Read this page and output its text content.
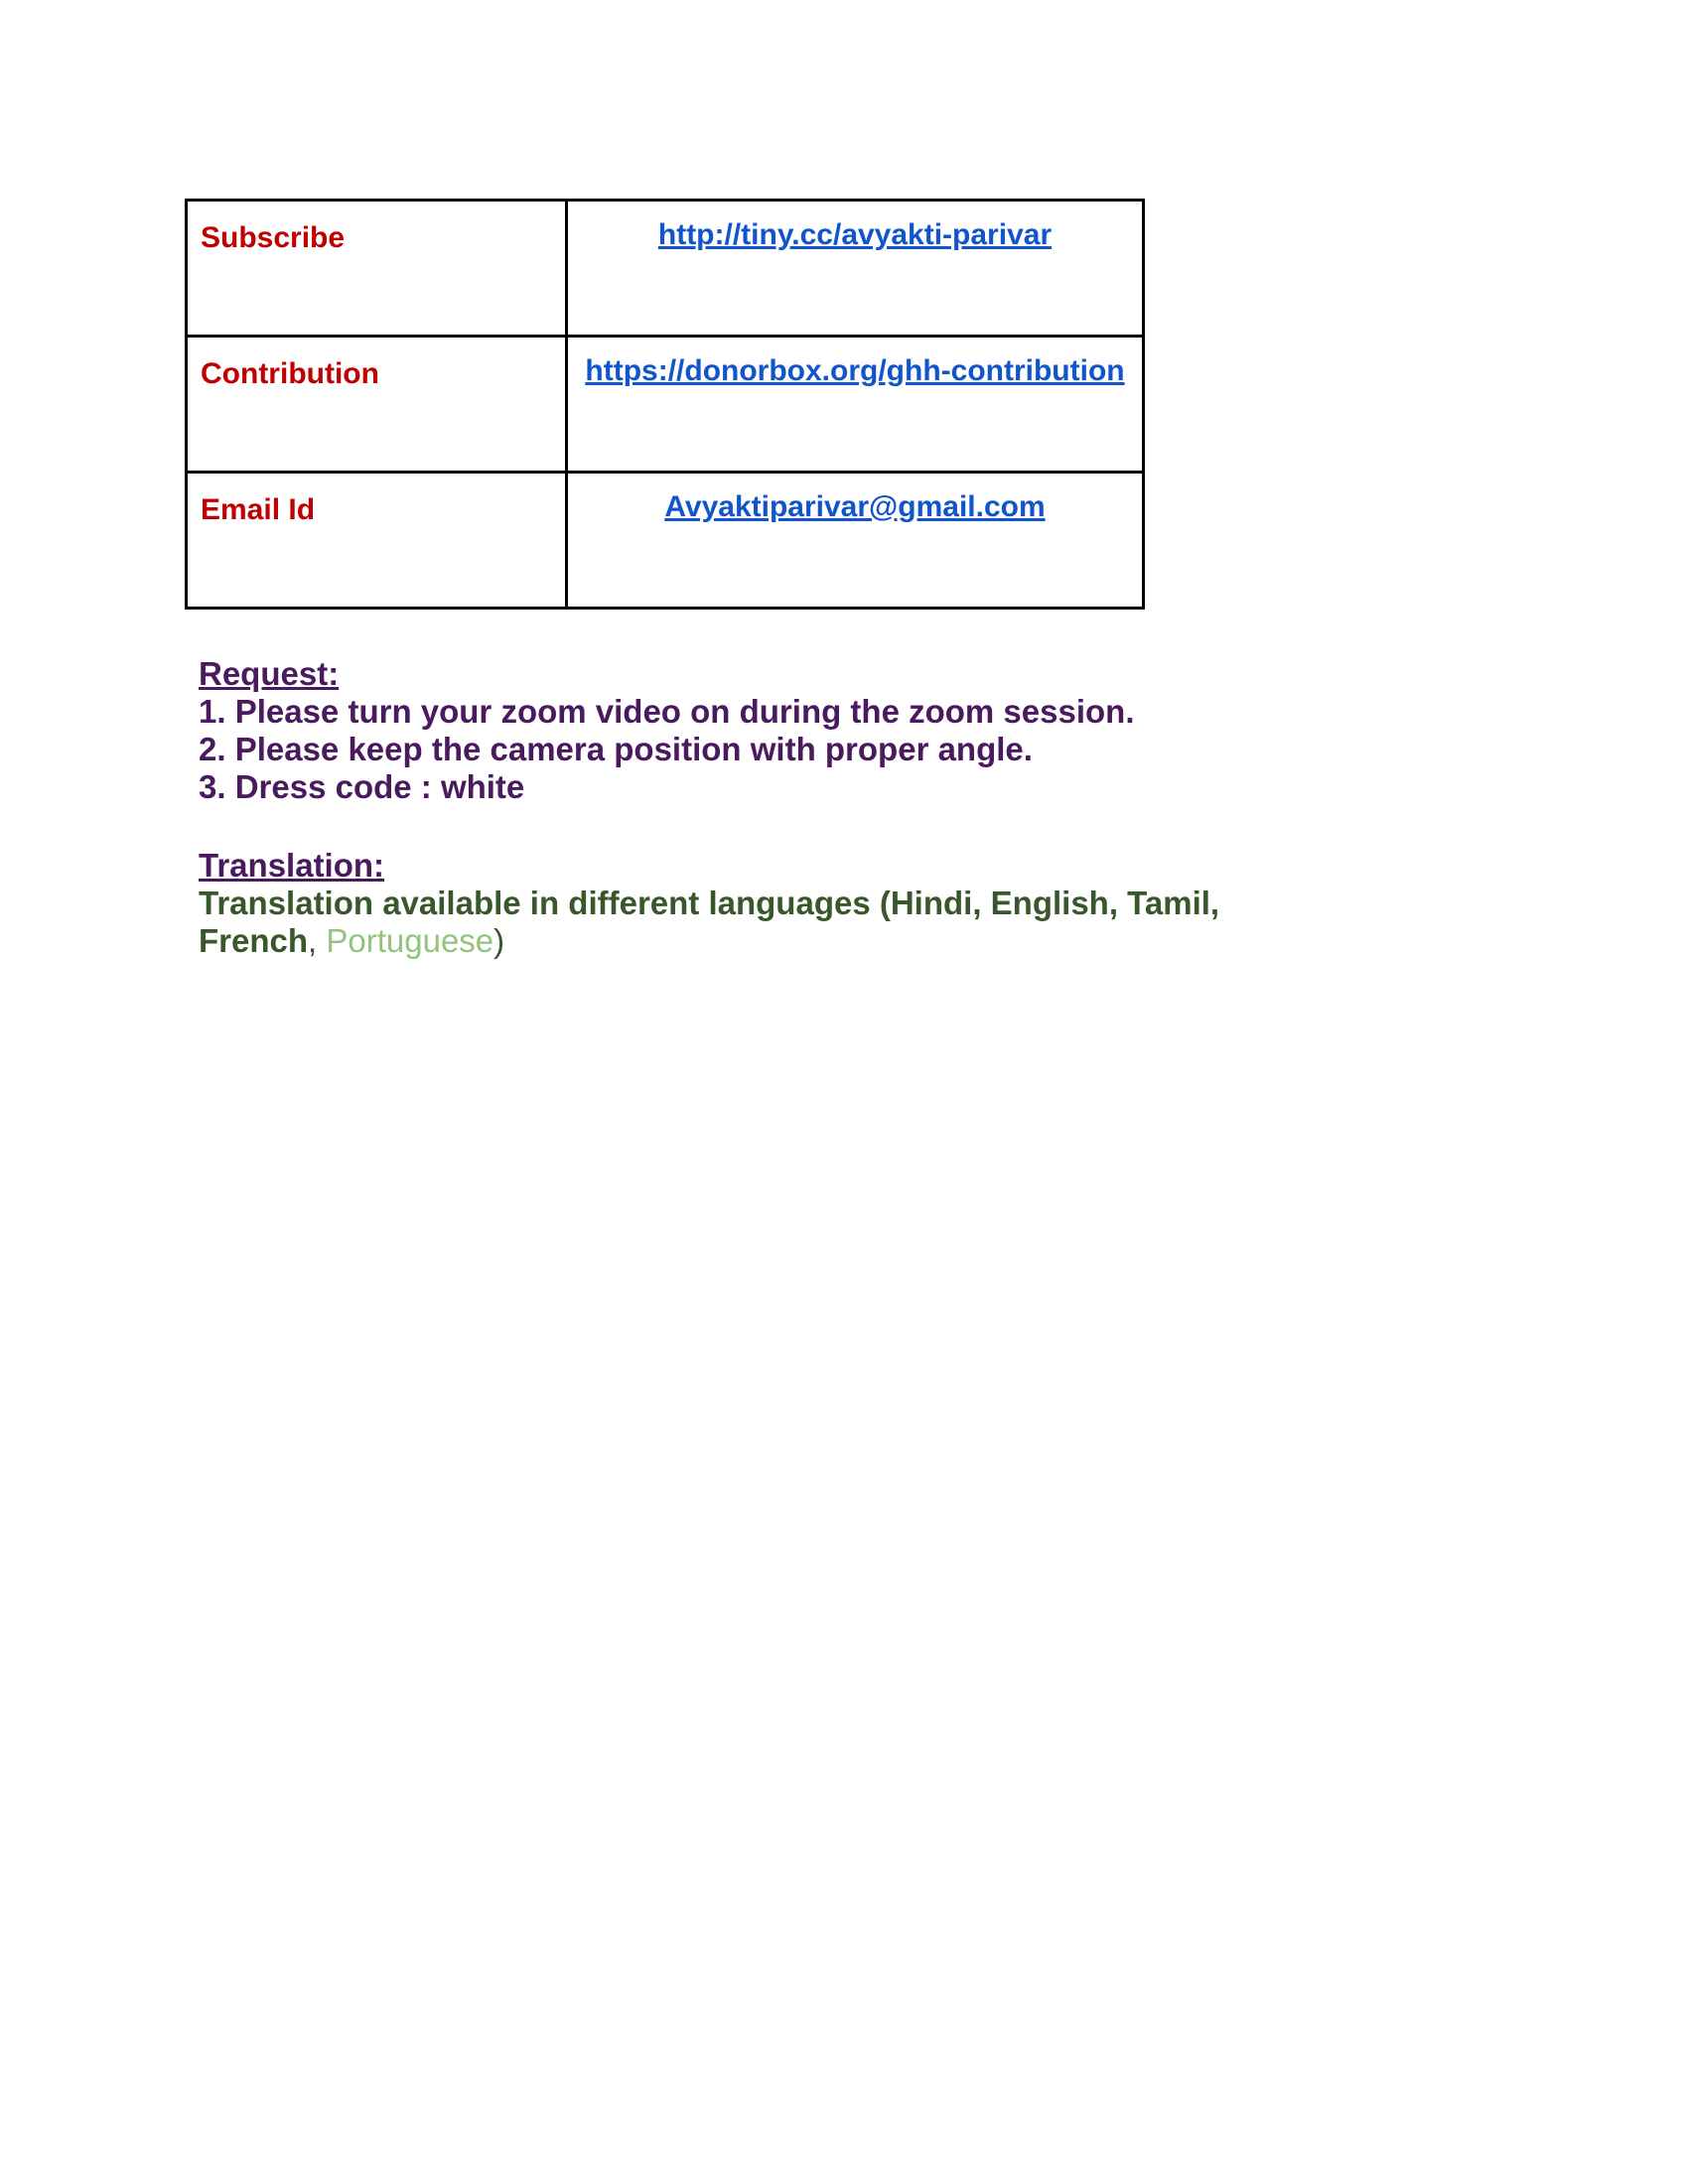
Subscribe	http://tiny.cc/avyakti-parivar

Contribution	https://donorbox.org/ghh-contribution

Email Id	Avyaktiparivar@gmail.com
Request:
1. Please turn your zoom video on during the zoom session.
2. Please keep the camera position with proper angle.
3. Dress code : white
Translation:
Translation available in different languages (Hindi, English, Tamil,
French, Portuguese)
